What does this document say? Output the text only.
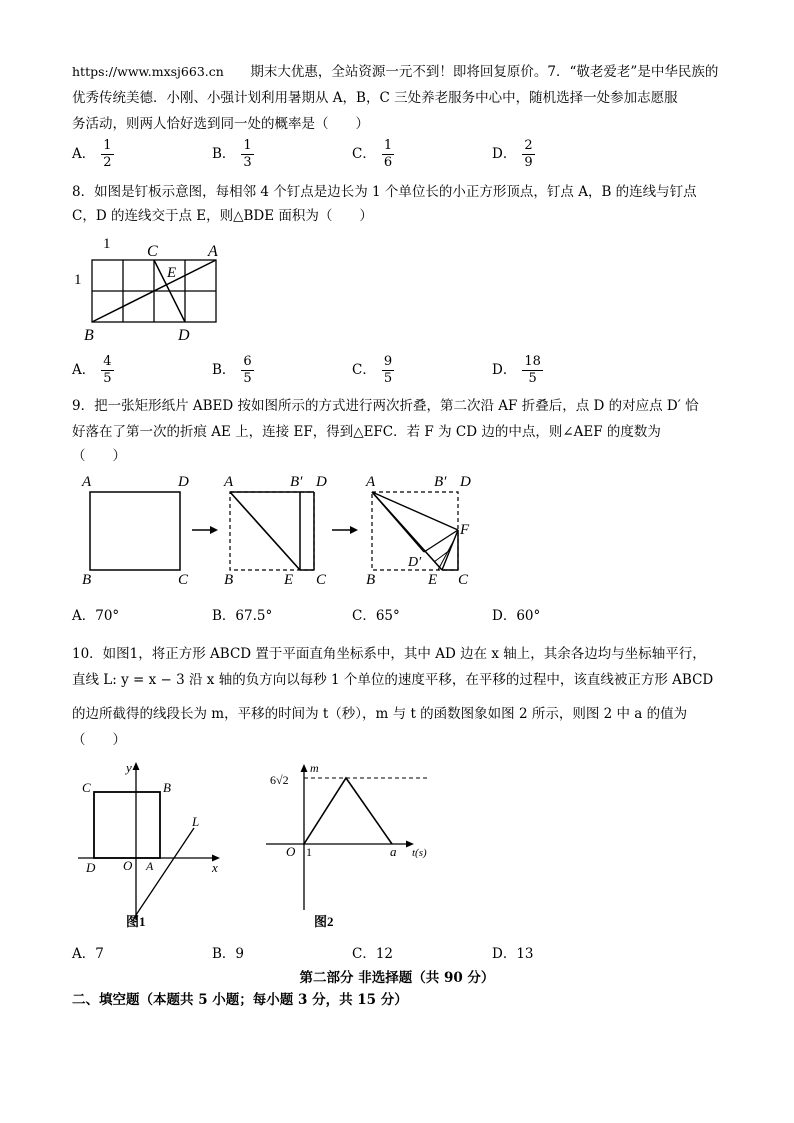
https://www.mxsj663.cn 期末大优惠，全站资源一元不到！即将回复原价。7．“敬老爱老”是中华民族的
优秀传统美德．小刚、小强计划利用暑期从 A，B，C 三处养老服务中心中，随机选择一处参加志愿服
务活动，则两人恰好选到同一处的概率是（　　）
A． $\frac{1}{2}$	B． $\frac{1}{3}$	C． $\frac{1}{6}$	D． $\frac{2}{9}$
8．如图是钉板示意图，每相邻 4 个钉点是边长为 1 个单位长的小正方形顶点，钉点 A，B 的连线与钉点
C，D 的连线交于点 E，则△BDE 面积为（　　）
1
1
C	A
E
B	D
A． $\frac{4}{5}$	B． $\frac{6}{5}$	C． $\frac{9}{5}$	D． $\frac{18}{5}$
9．把一张矩形纸片 ABED 按如图所示的方式进行两次折叠，第二次沿 AF 折叠后，点 D 的对应点 D′ 恰
好落在了第一次的折痕 AE 上，连接 EF，得到△EFC．若 F 为 CD 边的中点，则∠AEF 的度数为
（　　）
A	D
B	C
A	B′ D
B	E C
A	B′ D
F
D′
B	E C
A．70°	B．67.5°	C．65°	D．60°
10．如图1，将正方形 ABCD 置于平面直角坐标系中，其中 AD 边在 x 轴上，其余各边均与坐标轴平行，
直线 L: y = x − 3 沿 x 轴的负方向以每秒 1 个单位的速度平移，在平移的过程中，该直线被正方形 ABCD
的边所截得的线段长为 m，平移的时间为 t（秒），m 与 t 的函数图象如图 2 所示，则图 2 中 a 的值为
（　　）
y
C	B
L
D O A	x
图1
m
6√2
O 1	a t(s)
图2
A．7	B．9	C．12	D．13
第二部分 非选择题（共 90 分）
二、填空题（本题共 5 小题；每小题 3 分，共 15 分）
